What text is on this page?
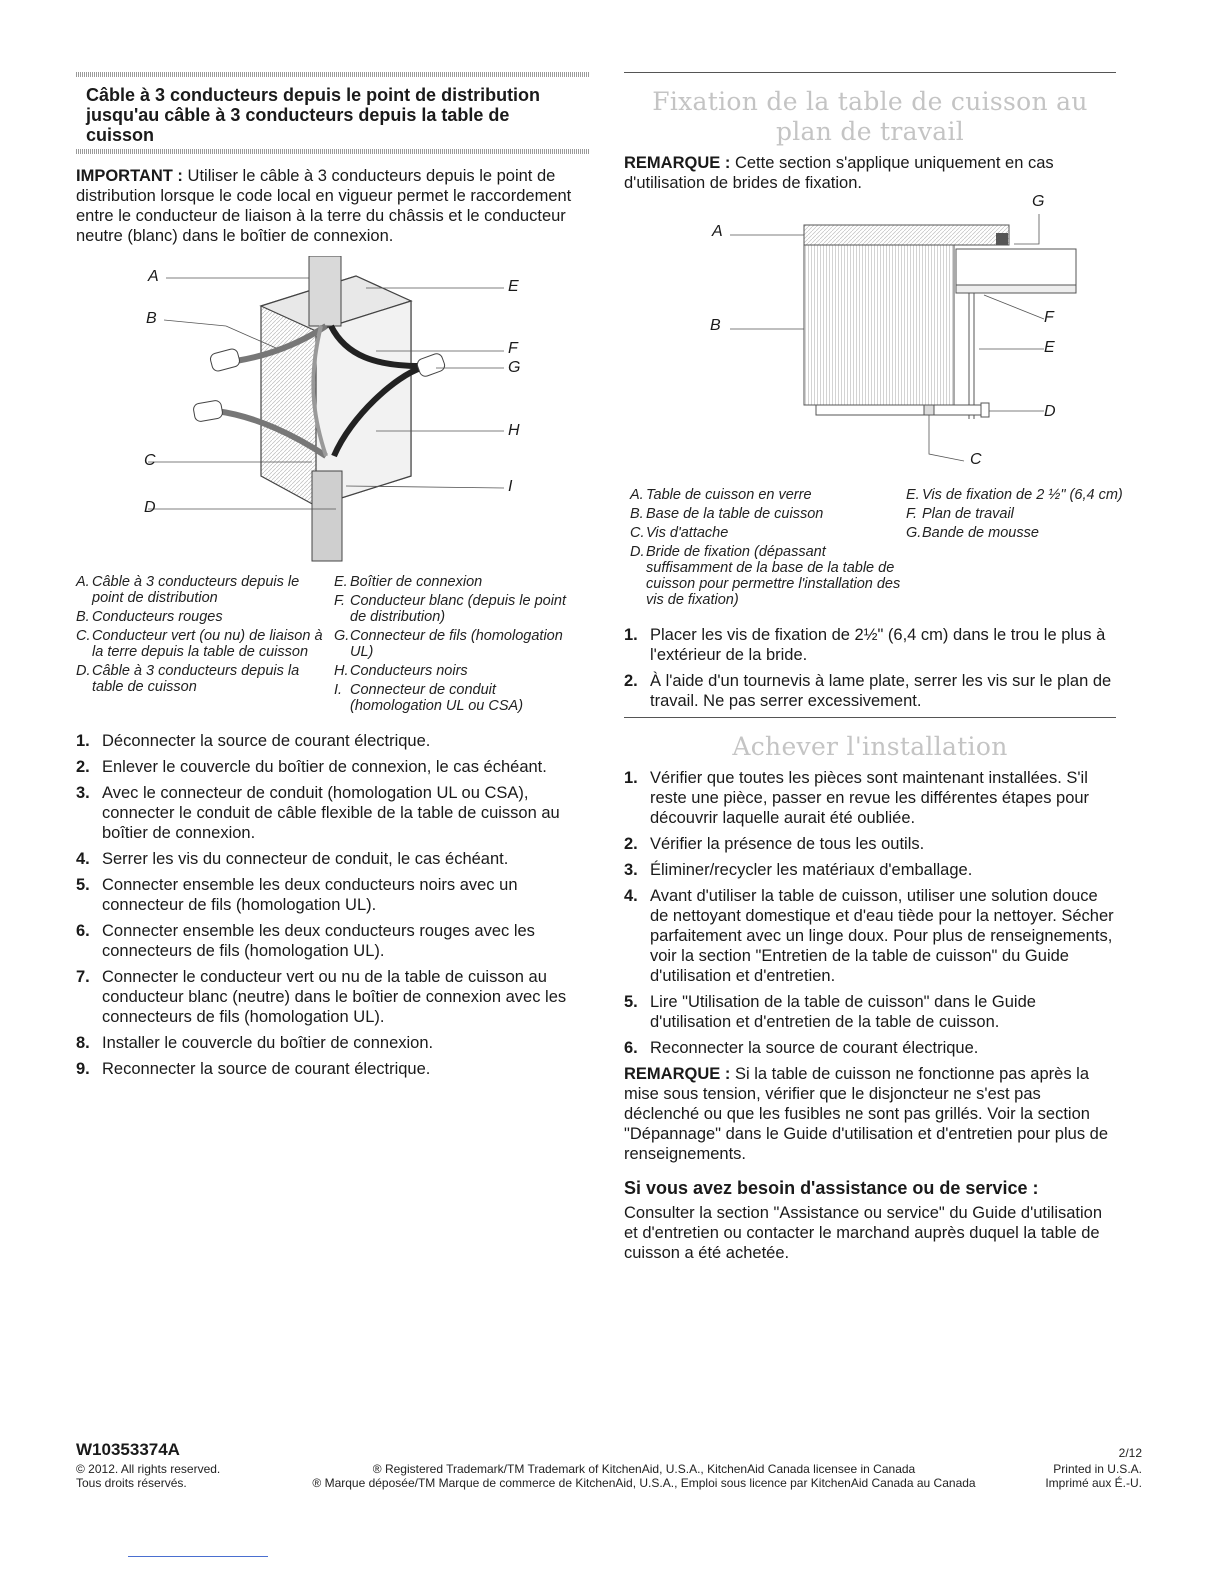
Câble à 3 conducteurs depuis le point de distribution jusqu'au câble à 3 conducteurs depuis la table de cuisson

IMPORTANT : Utiliser le câble à 3 conducteurs depuis le point de distribution lorsque le code local en vigueur permet le raccordement entre le conducteur de liaison à la terre du châssis et le conducteur neutre (blanc) dans le boîtier de connexion.

A
B
C
D
E
F
G
H
I
A. Câble à 3 conducteurs depuis le point de distribution
B. Conducteurs rouges
C. Conducteur vert (ou nu) de liaison à la terre depuis la table de cuisson
D. Câble à 3 conducteurs depuis la table de cuisson
E. Boîtier de connexion
F. Conducteur blanc (depuis le point de distribution)
G. Connecteur de fils (homologation UL)
H. Conducteurs noirs
I. Connecteur de conduit (homologation UL ou CSA)
1. Déconnecter la source de courant électrique.
2. Enlever le couvercle du boîtier de connexion, le cas échéant.
3. Avec le connecteur de conduit (homologation UL ou CSA), connecter le conduit de câble flexible de la table de cuisson au boîtier de connexion.
4. Serrer les vis du connecteur de conduit, le cas échéant.
5. Connecter ensemble les deux conducteurs noirs avec un connecteur de fils (homologation UL).
6. Connecter ensemble les deux conducteurs rouges avec les connecteurs de fils (homologation UL).
7. Connecter le conducteur vert ou nu de la table de cuisson au conducteur blanc (neutre) dans le boîtier de connexion avec les connecteurs de fils (homologation UL).
8. Installer le couvercle du boîtier de connexion.
9. Reconnecter la source de courant électrique.
Fixation de la table de cuisson au plan de travail

REMARQUE : Cette section s'applique uniquement en cas d'utilisation de brides de fixation.

A
B
C
D
E
F
G
A. Table de cuisson en verre
B. Base de la table de cuisson
C. Vis d'attache
D. Bride de fixation (dépassant suffisamment de la base de la table de cuisson pour permettre l'installation des vis de fixation)
E. Vis de fixation de 2 ½" (6,4 cm)
F. Plan de travail
G. Bande de mousse
1. Placer les vis de fixation de 2½" (6,4 cm) dans le trou le plus à l'extérieur de la bride.
2. À l'aide d'un tournevis à lame plate, serrer les vis sur le plan de travail. Ne pas serrer excessivement.
Achever l'installation
1. Vérifier que toutes les pièces sont maintenant installées. S'il reste une pièce, passer en revue les différentes étapes pour découvrir laquelle aurait été oubliée.
2. Vérifier la présence de tous les outils.
3. Éliminer/recycler les matériaux d'emballage.
4. Avant d'utiliser la table de cuisson, utiliser une solution douce de nettoyant domestique et d'eau tiède pour la nettoyer. Sécher parfaitement avec un linge doux. Pour plus de renseignements, voir la section "Entretien de la table de cuisson" du Guide d'utilisation et d'entretien.
5. Lire "Utilisation de la table de cuisson" dans le Guide d'utilisation et d'entretien de la table de cuisson.
6. Reconnecter la source de courant électrique.

REMARQUE : Si la table de cuisson ne fonctionne pas après la mise sous tension, vérifier que le disjoncteur ne s'est pas déclenché ou que les fusibles ne sont pas grillés. Voir la section "Dépannage" dans le Guide d'utilisation et d'entretien pour plus de renseignements.

Si vous avez besoin d'assistance ou de service :

Consulter la section "Assistance ou service" du Guide d'utilisation et d'entretien ou contacter le marchand auprès duquel la table de cuisson a été achetée.

W10353374A	2/12
© 2012. All rights reserved.
Tous droits réservés.
® Registered Trademark/TM Trademark of KitchenAid, U.S.A., KitchenAid Canada licensee in Canada
® Marque déposée/TM Marque de commerce de KitchenAid, U.S.A., Emploi sous licence par KitchenAid Canada au Canada
Printed in U.S.A.
Imprimé aux É.-U.
